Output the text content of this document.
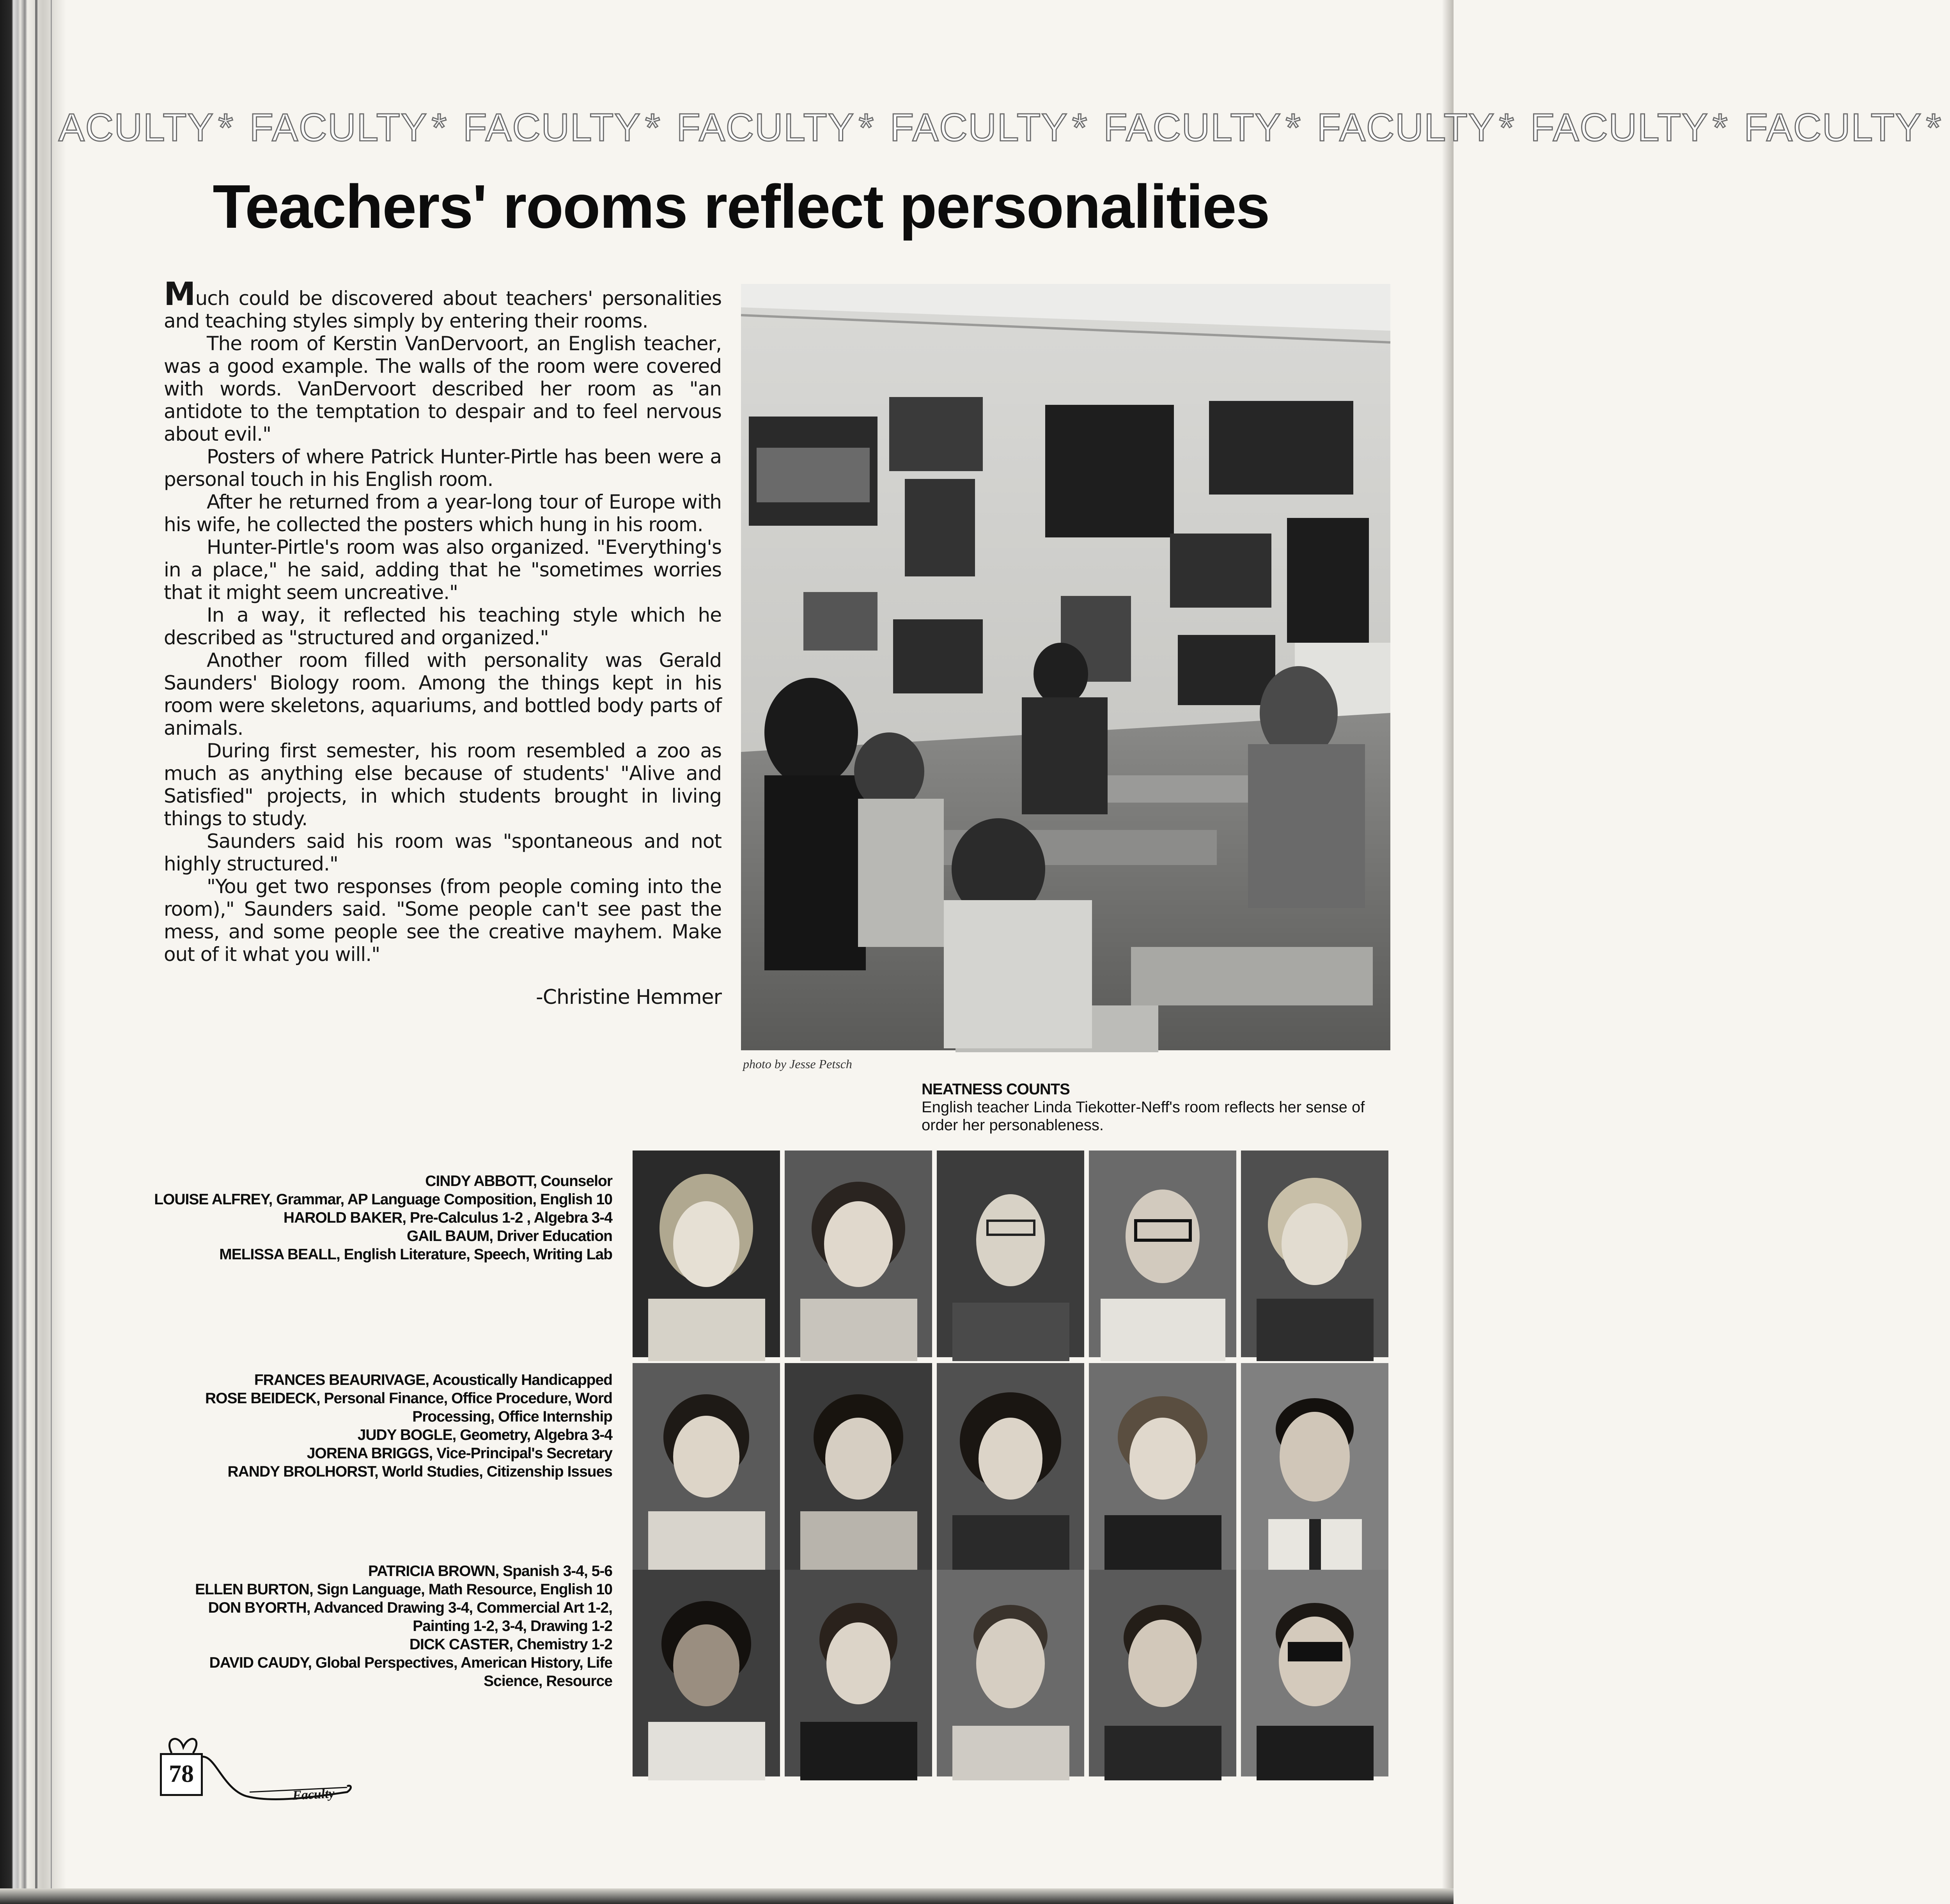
ACULTY * FACULTY * FACULTY * FACULTY * FACULTY * FACULTY * FACULTY * FACULTY * FACULTY *
Teachers' rooms reflect personalities

Much could be discovered about teachers' personalities and teaching styles simply by entering their rooms.

The room of Kerstin VanDervoort, an English teacher, was a good example. The walls of the room were covered with words. VanDervoort described her room as "an antidote to the temptation to despair and to feel nervous about evil."

Posters of where Patrick Hunter-Pirtle has been were a personal touch in his English room.

After he returned from a year-long tour of Europe with his wife, he collected the posters which hung in his room.

Hunter-Pirtle's room was also organized. "Everything's in a place," he said, adding that he "sometimes worries that it might seem uncreative."

In a way, it reflected his teaching style which he described as "structured and organized."

Another room filled with personality was Gerald Saunders' Biology room. Among the things kept in his room were skeletons, aquariums, and bottled body parts of animals.

During first semester, his room resembled a zoo as much as anything else because of students' "Alive and Satisfied" projects, in which students brought in living things to study.

Saunders said his room was "spontaneous and not highly structured."

"You get two responses (from people coming into the room)," Saunders said. "Some people can't see past the mess, and some people see the creative mayhem. Make out of it what you will."

-Christine Hemmer
photo by Jesse Petsch
NEATNESS COUNTS
English teacher Linda Tiekotter-Neff's room reflects her sense of order her personableness.
CINDY ABBOTT, Counselor
LOUISE ALFREY, Grammar, AP Language Composition, English 10
HAROLD BAKER, Pre-Calculus 1-2 , Algebra 3-4
GAIL BAUM, Driver Education
MELISSA BEALL, English Literature, Speech, Writing Lab
FRANCES BEAURIVAGE, Acoustically Handicapped
ROSE BEIDECK, Personal Finance, Office Procedure, Word Processing, Office Internship
JUDY BOGLE, Geometry, Algebra 3-4
JORENA BRIGGS, Vice-Principal's Secretary
RANDY BROLHORST, World Studies, Citizenship Issues
PATRICIA BROWN, Spanish 3-4, 5-6
ELLEN BURTON, Sign Language, Math Resource, English 10
DON BYORTH, Advanced Drawing 3-4, Commercial Art 1-2, Painting 1-2, 3-4, Drawing 1-2
DICK CASTER, Chemistry 1-2
DAVID CAUDY, Global Perspectives, American History, Life Science, Resource
78
Faculty
